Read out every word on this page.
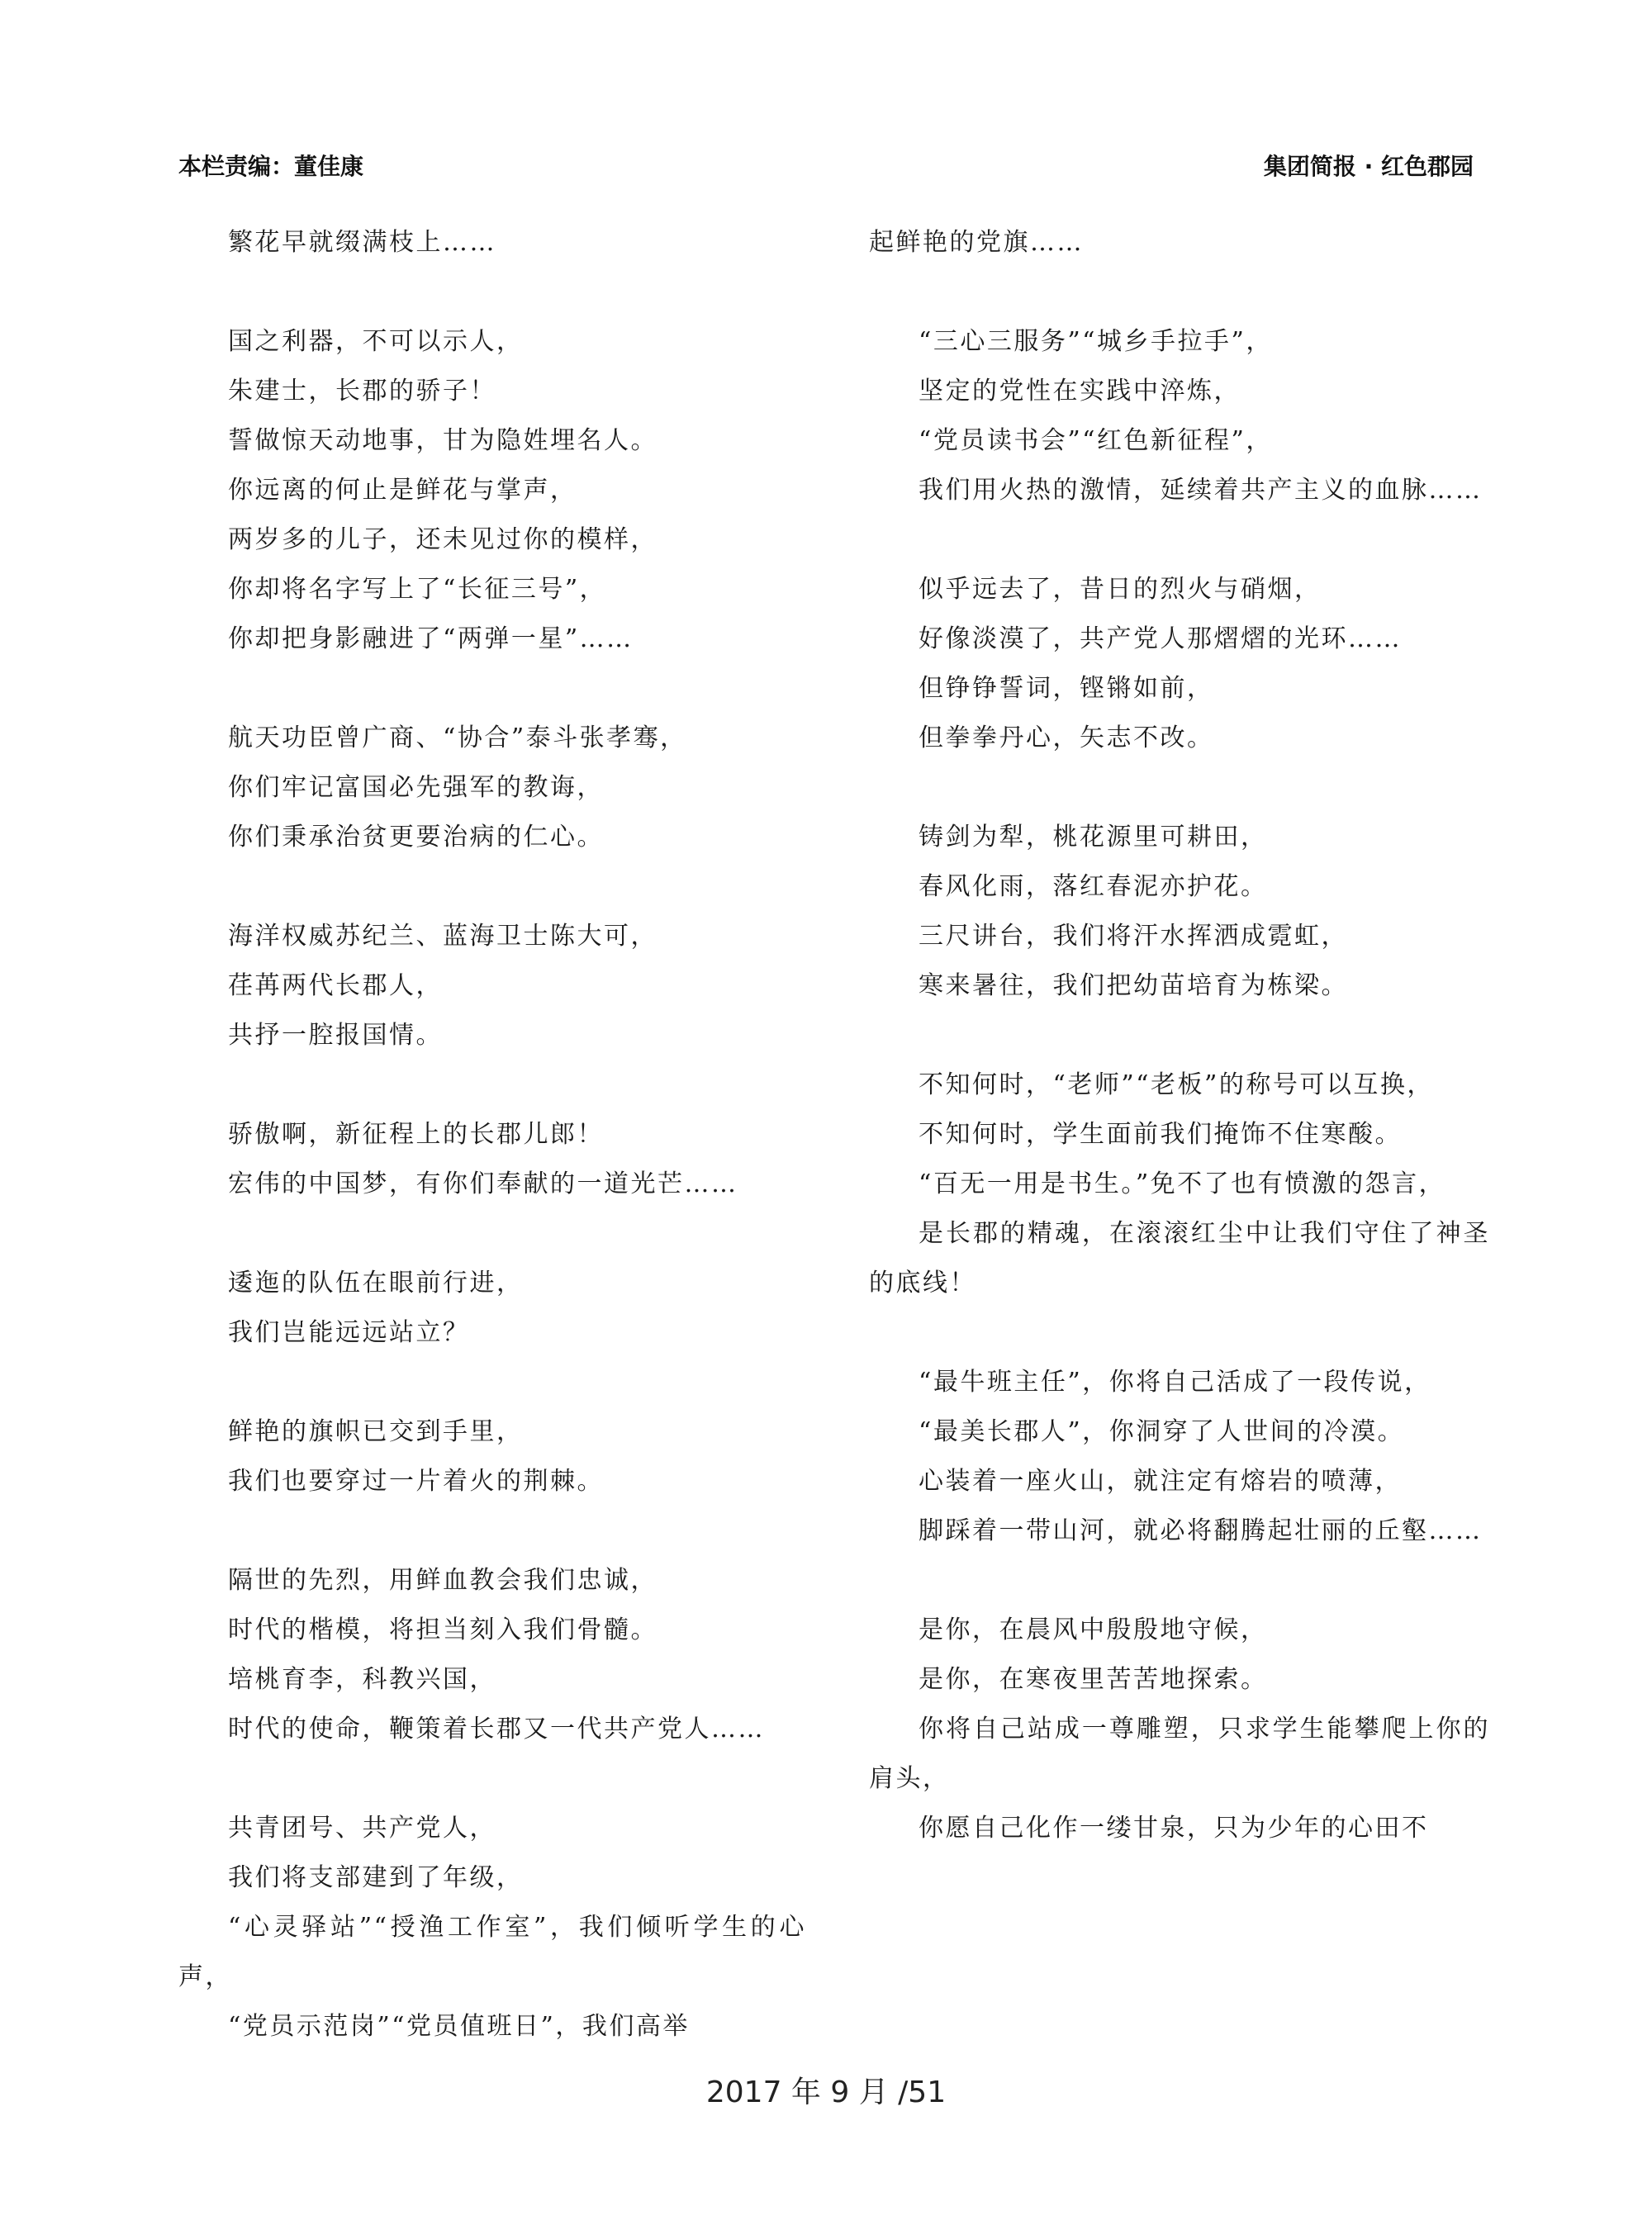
本栏责编：董佳康	集团简报 · 红色郡园

繁花早就缀满枝上……

国之利器，不可以示人，

朱建士，长郡的骄子！

誓做惊天动地事，甘为隐姓埋名人。

你远离的何止是鲜花与掌声，

两岁多的儿子，还未见过你的模样，

你却将名字写上了“长征三号”，

你却把身影融进了“两弹一星”……

航天功臣曾广商、“协合”泰斗张孝骞，

你们牢记富国必先强军的教诲，

你们秉承治贫更要治病的仁心。

海洋权威苏纪兰、蓝海卫士陈大可，

荏苒两代长郡人，

共抒一腔报国情。

骄傲啊，新征程上的长郡儿郎！

宏伟的中国梦，有你们奉献的一道光芒……

逶迤的队伍在眼前行进，

我们岂能远远站立？

鲜艳的旗帜已交到手里，

我们也要穿过一片着火的荆棘。

隔世的先烈，用鲜血教会我们忠诚，

时代的楷模，将担当刻入我们骨髓。

培桃育李，科教兴国，

时代的使命，鞭策着长郡又一代共产党人……

共青团号、共产党人，

我们将支部建到了年级，

“心灵驿站”“授渔工作室”，我们倾听学生的心声，

“党员示范岗”“党员值班日”，我们高举

起鲜艳的党旗……

“三心三服务”“城乡手拉手”，

坚定的党性在实践中淬炼，

“党员读书会”“红色新征程”，

我们用火热的激情，延续着共产主义的血脉……

似乎远去了，昔日的烈火与硝烟，

好像淡漠了，共产党人那熠熠的光环……

但铮铮誓词，铿锵如前，

但拳拳丹心，矢志不改。

铸剑为犁，桃花源里可耕田，

春风化雨，落红春泥亦护花。

三尺讲台，我们将汗水挥洒成霓虹，

寒来暑往，我们把幼苗培育为栋梁。

不知何时，“老师”“老板”的称号可以互换，

不知何时，学生面前我们掩饰不住寒酸。

“百无一用是书生。”免不了也有愤激的怨言，

是长郡的精魂，在滚滚红尘中让我们守住了神圣的底线！

“最牛班主任”，你将自己活成了一段传说，

“最美长郡人”，你洞穿了人世间的冷漠。

心装着一座火山，就注定有熔岩的喷薄，

脚踩着一带山河，就必将翻腾起壮丽的丘壑……

是你，在晨风中殷殷地守候，

是你，在寒夜里苦苦地探索。

你将自己站成一尊雕塑，只求学生能攀爬上你的肩头，

你愿自己化作一缕甘泉，只为少年的心田不

2017 年 9 月 /51
